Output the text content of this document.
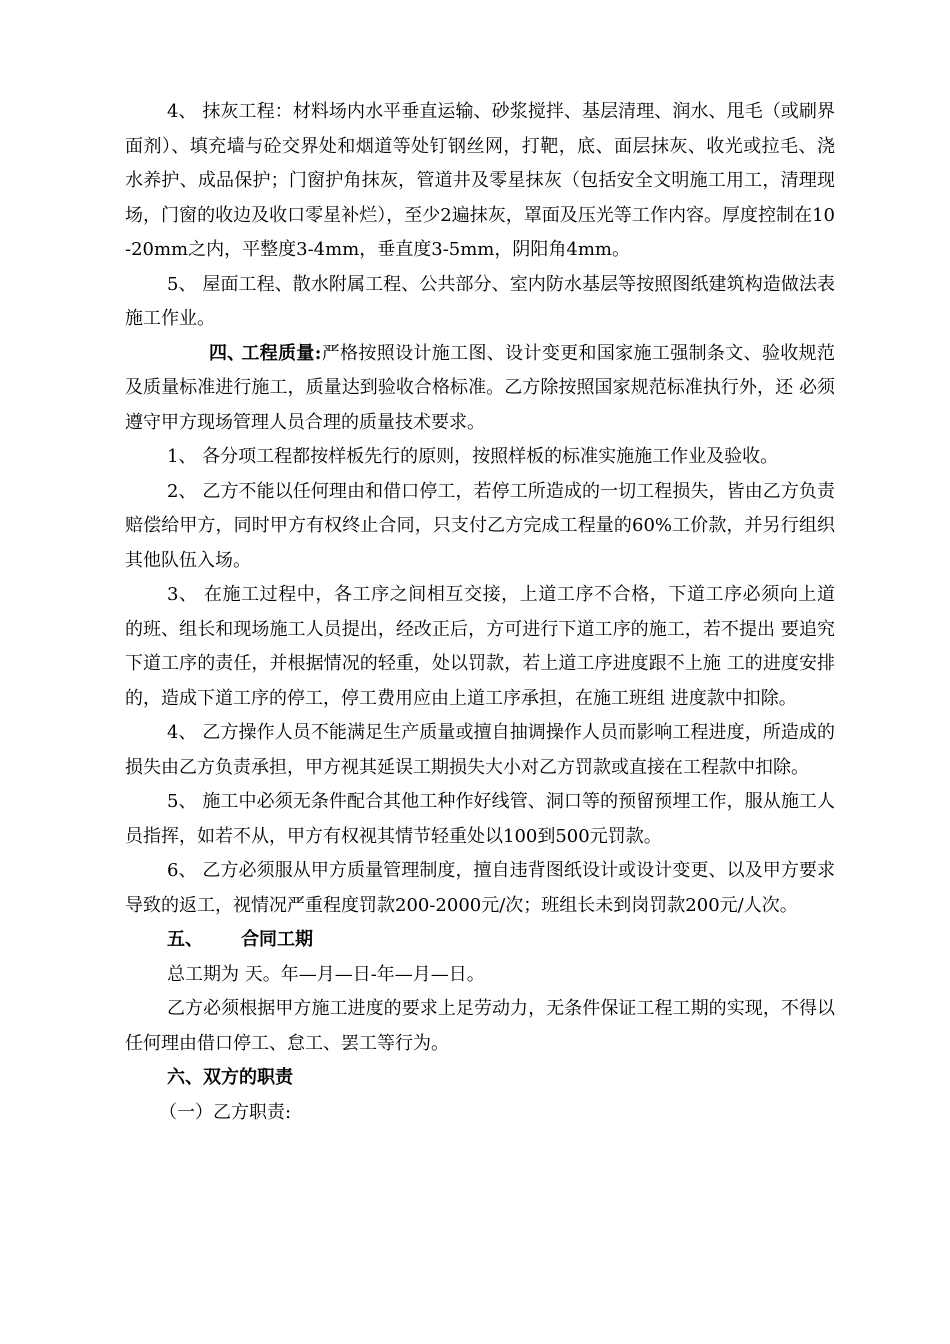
4、 抹灰工程：材料场内水平垂直运输、砂浆搅拌、基层清理、润水、甩毛（或刷界面剂）、填充墙与砼交界处和烟道等处钉钢丝网，打靶，底、面层抹灰、收光或拉毛、浇水养护、成品保护；门窗护角抹灰，管道井及零星抹灰（包括安全文明施工用工，清理现场，门窗的收边及收口零星补烂），至少2遍抹灰，罩面及压光等工作内容。厚度控制在10-20mm之内，平整度3-4mm，垂直度3-5mm，阴阳角4mm。

5、 屋面工程、散水附属工程、公共部分、室内防水基层等按照图纸建筑构造做法表施工作业。

四、工程质量:严格按照设计施工图、设计变更和国家施工强制条文、验收规范 及质量标准进行施工，质量达到验收合格标准。乙方除按照国家规范标准执行外，还 必须遵守甲方现场管理人员合理的质量技术要求。

1、 各分项工程都按样板先行的原则，按照样板的标准实施施工作业及验收。

2、 乙方不能以任何理由和借口停工，若停工所造成的一切工程损失，皆由乙方负责赔偿给甲方，同时甲方有权终止合同，只支付乙方完成工程量的60%工价款，并另行组织其他队伍入场。

3、 在施工过程中，各工序之间相互交接，上道工序不合格，下道工序必须向上道 的班、组长和现场施工人员提出，经改正后，方可进行下道工序的施工，若不提出 要追究下道工序的责任，并根据情况的轻重，处以罚款，若上道工序进度跟不上施 工的进度安排的，造成下道工序的停工，停工费用应由上道工序承担，在施工班组 进度款中扣除。

4、 乙方操作人员不能满足生产质量或擅自抽调操作人员而影响工程进度，所造成的损失由乙方负责承担，甲方视其延误工期损失大小对乙方罚款或直接在工程款中扣除。

5、 施工中必须无条件配合其他工种作好线管、洞口等的预留预埋工作，服从施工人员指挥，如若不从，甲方有权视其情节轻重处以100到500元罚款。

6、 乙方必须服从甲方质量管理制度，擅自违背图纸设计或设计变更、以及甲方要求导致的返工，视情况严重程度罚款200-2000元/次；班组长未到岗罚款200元/人次。

五、 合同工期

总工期为 天。年—月—日-年—月—日。

乙方必须根据甲方施工进度的要求上足劳动力，无条件保证工程工期的实现，不得以任何理由借口停工、怠工、罢工等行为。

六、双方的职责

（一）乙方职责:
